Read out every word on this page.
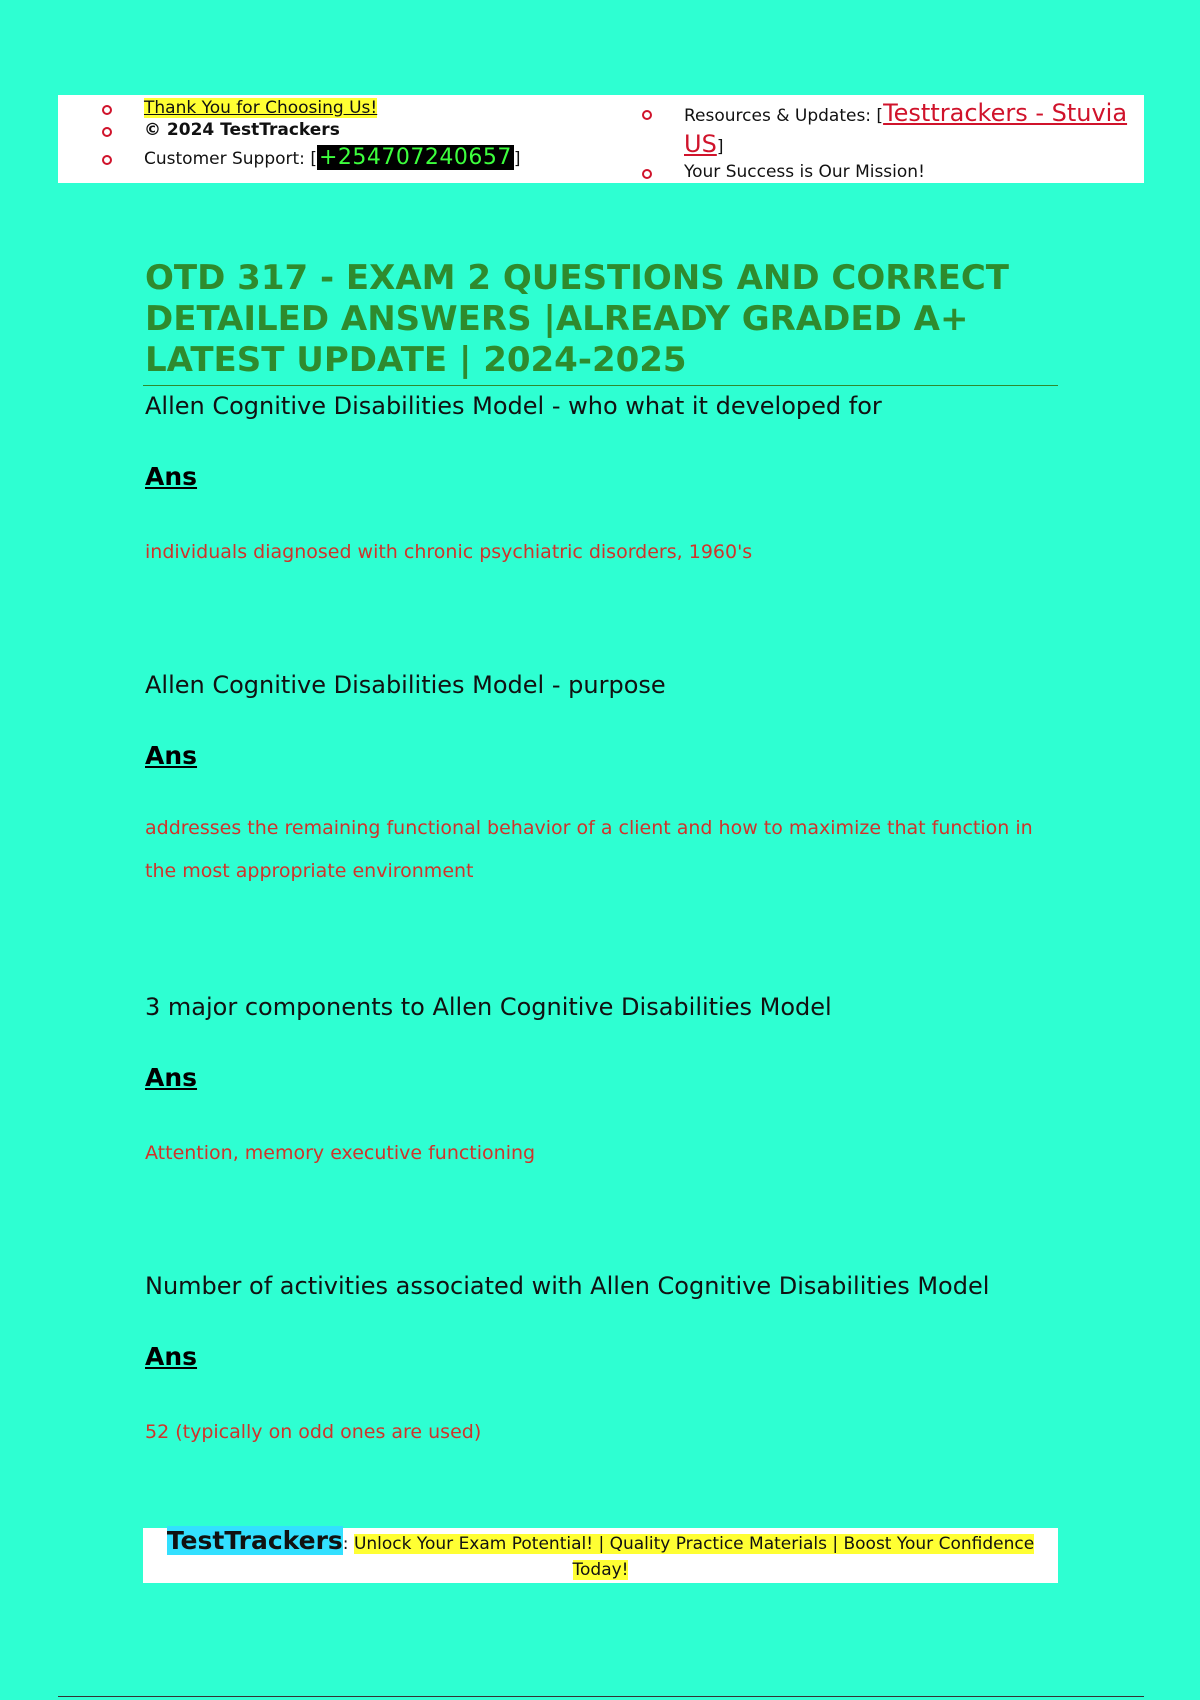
Thank You for Choosing Us!
© 2024 TestTrackers
Customer Support: [+254707240657 ]
Resources & Updates: [Testtrackers - Stuvia US]
Your Success is Our Mission!
OTD 317 - EXAM 2 QUESTIONS AND CORRECT DETAILED ANSWERS |ALREADY GRADED A+ LATEST UPDATE | 2024-2025
Allen Cognitive Disabilities Model - who what it developed for
Ans
individuals diagnosed with chronic psychiatric disorders, 1960's
Allen Cognitive Disabilities Model - purpose
Ans
addresses the remaining functional behavior of a client and how to maximize that function in the most appropriate environment
3 major components to Allen Cognitive Disabilities Model
Ans
Attention, memory executive functioning
Number of activities associated with Allen Cognitive Disabilities Model
Ans
52 (typically on odd ones are used)
TestTrackers: Unlock Your Exam Potential! | Quality Practice Materials | Boost Your Confidence Today!
